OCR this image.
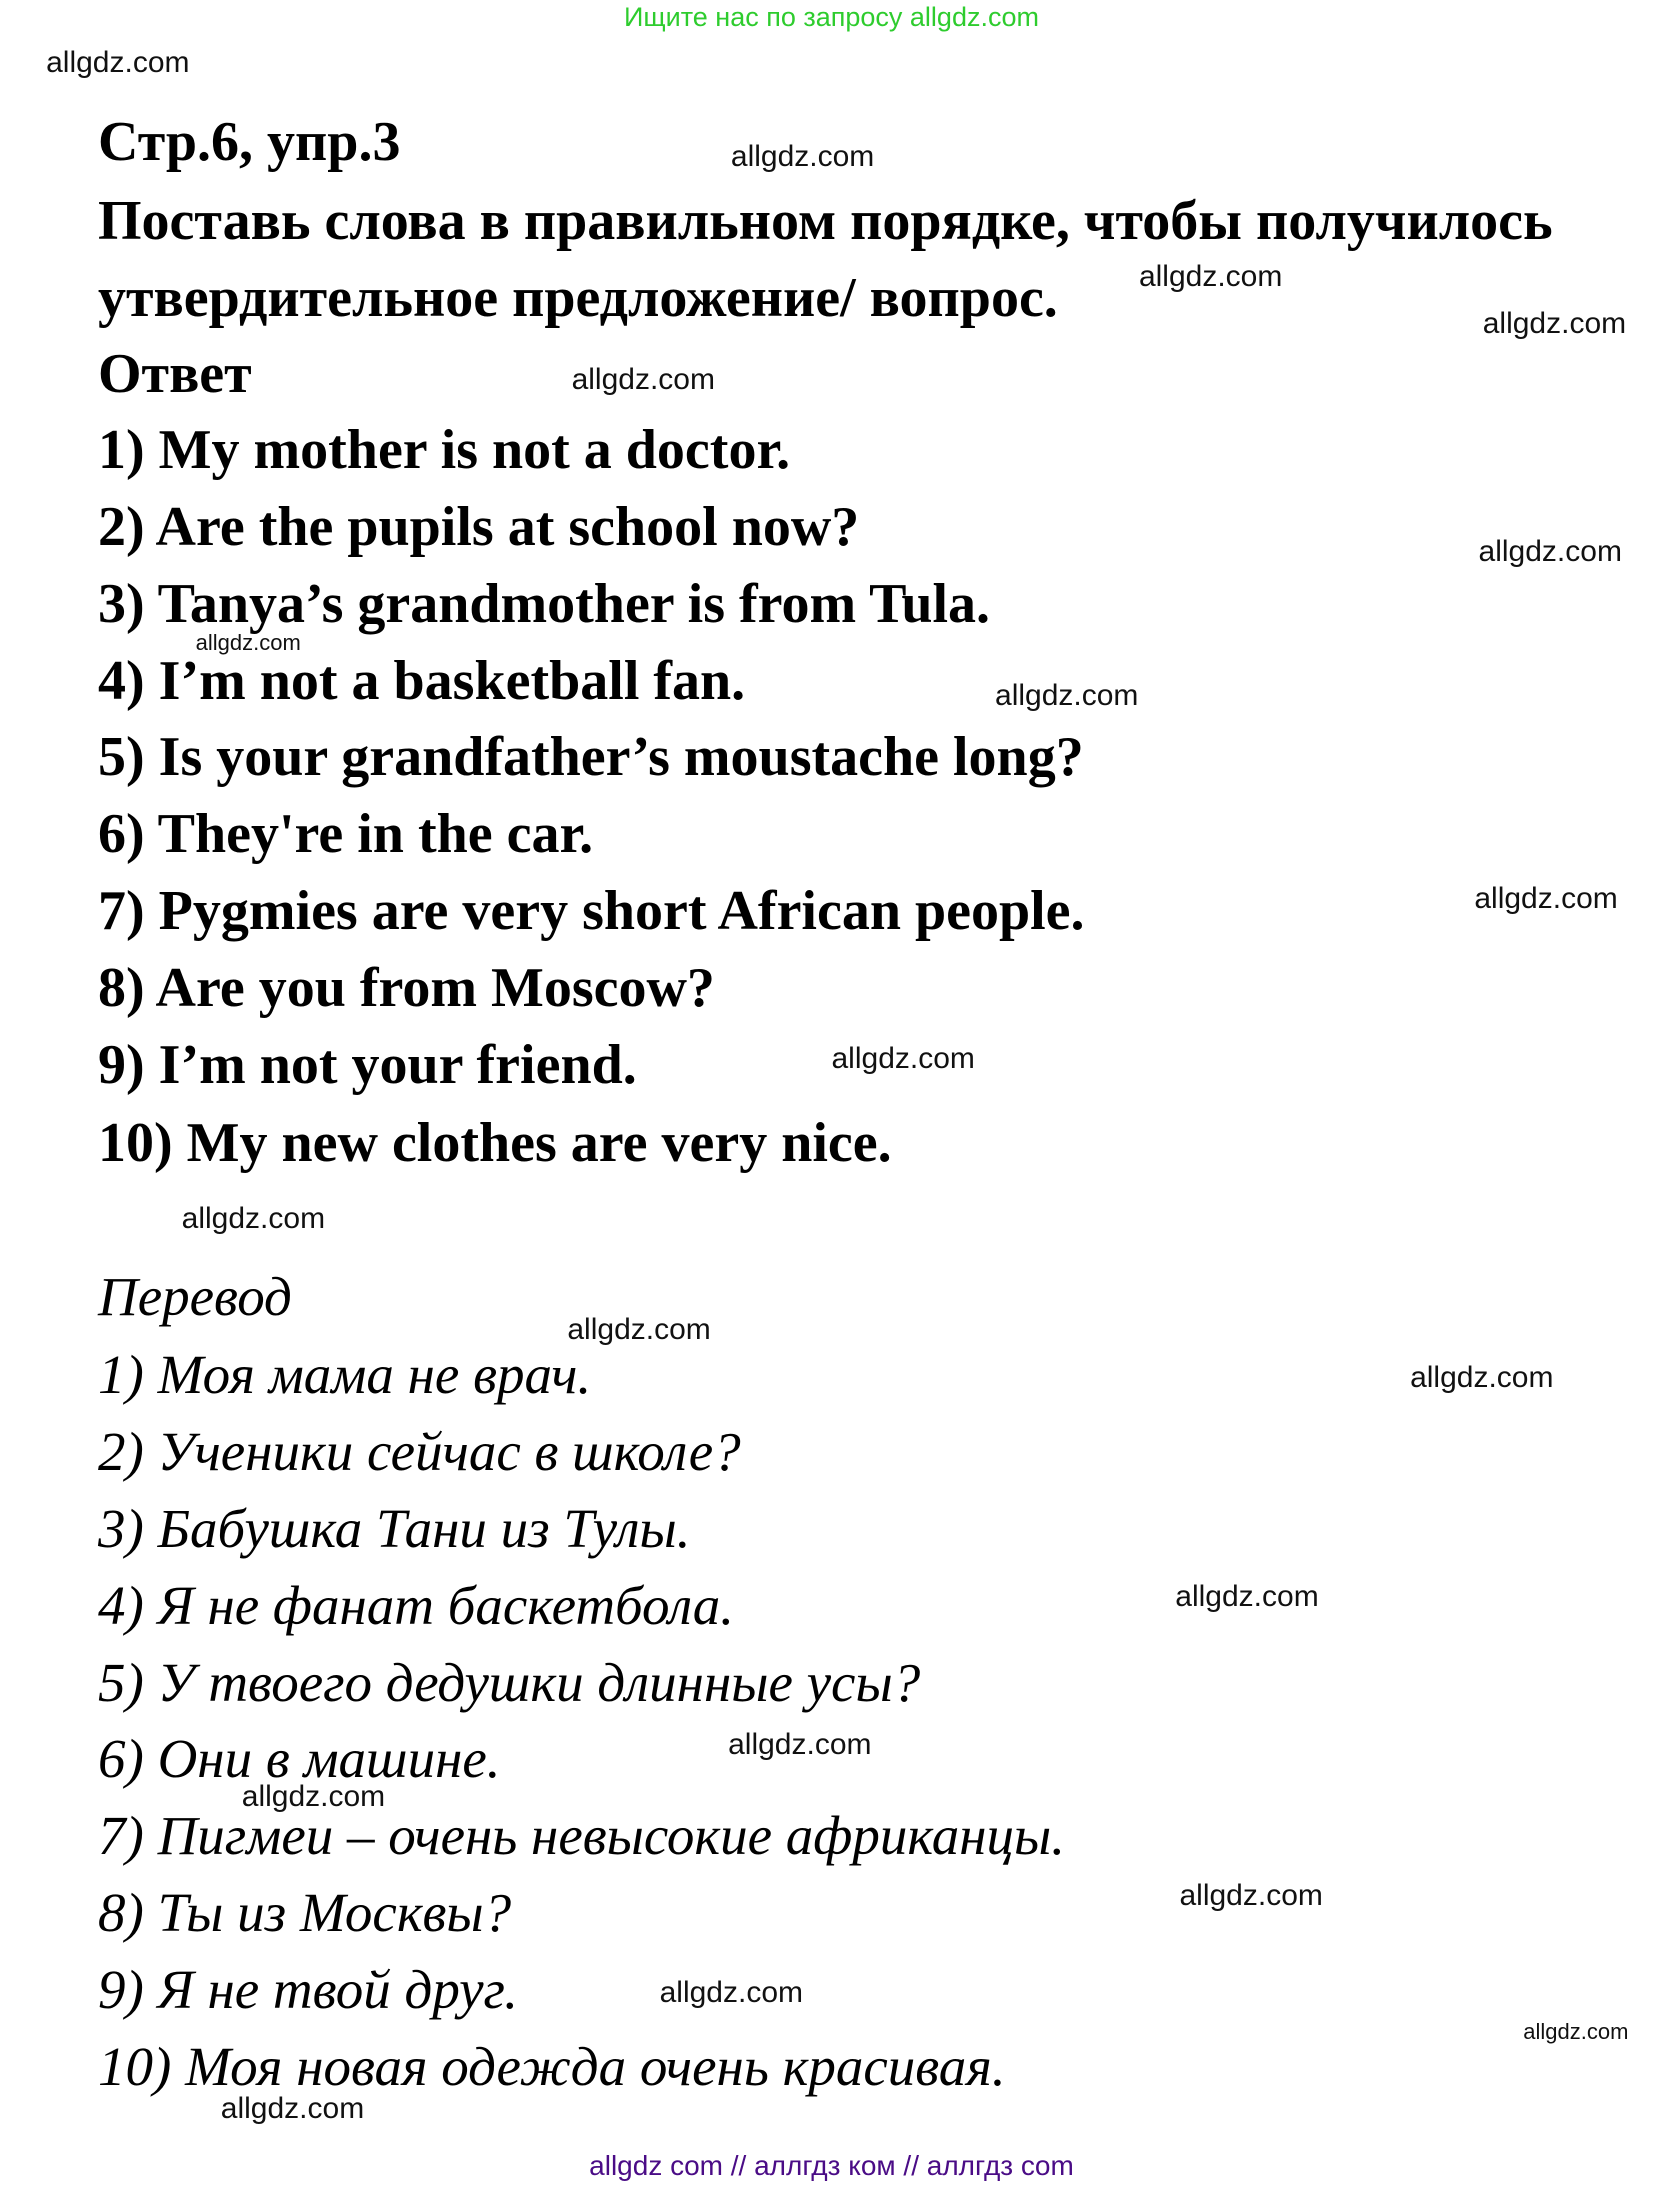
Ищите нас по запросу allgdz.com
Стр.6, упр.3
Поставь слова в правильном порядке, чтобы получилось
утвердительное предложение/ вопрос.
Ответ
1) My mother is not a doctor.
2) Are the pupils at school now?
3) Tanya’s grandmother is from Tula.
4) I’m not a basketball fan.
5) Is your grandfather’s moustache long?
6) They're in the car.
7) Pygmies are very short African people.
8) Are you from Moscow?
9) I’m not your friend.
10) My new clothes are very nice.
Перевод
1) Моя мама не врач.
2) Ученики сейчас в школе?
3) Бабушка Тани из Тулы.
4) Я не фанат баскетбола.
5) У твоего дедушки длинные усы?
6) Они в машине.
7) Пигмеи – очень невысокие африканцы.
8) Ты из Москвы?
9) Я не твой друг.
10) Моя новая одежда очень красивая.
allgdz.com
allgdz.com
allgdz.com
allgdz.com
allgdz.com
allgdz.com
allgdz.com
allgdz.com
allgdz.com
allgdz.com
allgdz.com
allgdz.com
allgdz.com
allgdz.com
allgdz.com
allgdz.com
allgdz.com
allgdz.com
allgdz.com
allgdz.com
allgdz com // аллгдз ком // аллгдз com
